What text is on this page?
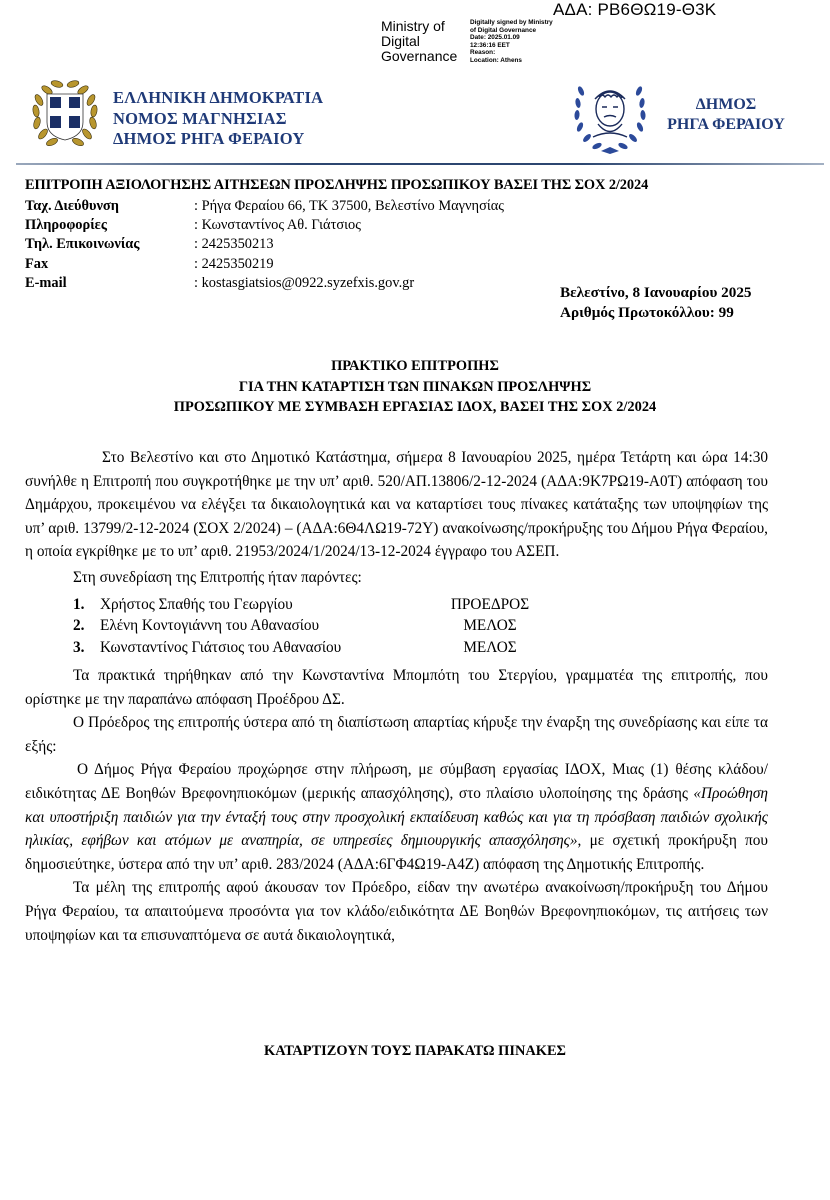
ΑΔΑ: ΡΒ6ΘΩ19-Θ3Κ
Ministry of
Digital
Governance
Digitally signed by Ministry
of Digital Governance
Date: 2025.01.09
12:36:16 EET
Reason:
Location: Athens
ΕΛΛΗΝΙΚΗ ΔΗΜΟΚΡΑΤΙΑ
ΝΟΜΟΣ ΜΑΓΝΗΣΙΑΣ
ΔΗΜΟΣ ΡΗΓΑ ΦΕΡΑΙΟΥ
ΔΗΜΟΣ
ΡΗΓΑ ΦΕΡΑΙΟΥ
ΕΠΙΤΡΟΠΗ ΑΞΙΟΛΟΓΗΣΗΣ ΑΙΤΗΣΕΩΝ ΠΡΟΣΛΗΨΗΣ ΠΡΟΣΩΠΙΚΟΥ ΒΑΣΕΙ ΤΗΣ ΣΟΧ 2/2024
Ταχ. Διεύθυνση	: Ρήγα Φεραίου 66, ΤΚ 37500, Βελεστίνο Μαγνησίας
Πληροφορίες	: Κωνσταντίνος Αθ. Γιάτσιος
Τηλ. Επικοινωνίας	: 2425350213
Fax	: 2425350219
E-mail	: kostasgiatsios@0922.syzefxis.gov.gr
Βελεστίνο, 8 Ιανουαρίου 2025
Αριθμός Πρωτοκόλλου: 99
ΠΡΑΚΤΙΚΟ ΕΠΙΤΡΟΠΗΣ
ΓΙΑ ΤΗΝ ΚΑΤΑΡΤΙΣΗ ΤΩΝ ΠΙΝΑΚΩΝ ΠΡΟΣΛΗΨΗΣ
ΠΡΟΣΩΠΙΚΟΥ ΜΕ ΣΥΜΒΑΣΗ ΕΡΓΑΣΙΑΣ ΙΔΟΧ, ΒΑΣΕΙ ΤΗΣ ΣΟΧ 2/2024

Στο Βελεστίνο και στο Δημοτικό Κατάστημα, σήμερα 8 Ιανουαρίου 2025, ημέρα Τετάρτη και ώρα 14:30 συνήλθε η Επιτροπή που συγκροτήθηκε με την υπ’ αριθ. 520/ΑΠ.13806/2-12-2024 (ΑΔΑ:9Κ7ΡΩ19-Α0Τ) απόφαση του Δημάρχου, προκειμένου να ελέγξει τα δικαιολογητικά και να καταρτίσει τους πίνακες κατάταξης των υποψηφίων της υπ’ αριθ. 13799/2-12-2024 (ΣΟΧ 2/2024) – (ΑΔΑ:6Θ4ΛΩ19-72Υ) ανακοίνωσης/προκήρυξης του Δήμου Ρήγα Φεραίου, η οποία εγκρίθηκε με το υπ’ αριθ. 21953/2024/1/2024/13-12-2024 έγγραφο του ΑΣΕΠ.

Στη συνεδρίαση της Επιτροπής ήταν παρόντες:

1.	Χρήστος Σπαθής του Γεωργίου	ΠΡΟΕΔΡΟΣ
2.	Ελένη Κοντογιάννη του Αθανασίου	ΜΕΛΟΣ
3.	Κωνσταντίνος Γιάτσιος του Αθανασίου	ΜΕΛΟΣ

Τα πρακτικά τηρήθηκαν από την Κωνσταντίνα Μπομπότη του Στεργίου, γραμματέα της επιτροπής, που ορίστηκε με την παραπάνω απόφαση Προέδρου ΔΣ.

Ο Πρόεδρος της επιτροπής ύστερα από τη διαπίστωση απαρτίας κήρυξε την έναρξη της συνεδρίασης και είπε τα εξής:

Ο Δήμος Ρήγα Φεραίου προχώρησε στην πλήρωση, με σύμβαση εργασίας ΙΔΟΧ, Μιας (1) θέσης κλάδου/ειδικότητας ΔΕ Βοηθών Βρεφονηπιοκόμων (μερικής απασχόλησης), στο πλαίσιο υλοποίησης της δράσης «Προώθηση και υποστήριξη παιδιών για την ένταξή τους στην προσχολική εκπαίδευση καθώς και για τη πρόσβαση παιδιών σχολικής ηλικίας, εφήβων και ατόμων με αναπηρία, σε υπηρεσίες δημιουργικής απασχόλησης», με σχετική προκήρυξη που δημοσιεύτηκε, ύστερα από την υπ’ αριθ. 283/2024 (ΑΔΑ:6ΓΦ4Ω19-Α4Ζ) απόφαση της Δημοτικής Επιτροπής.

Τα μέλη της επιτροπής αφού άκουσαν τον Πρόεδρο, είδαν την ανωτέρω ανακοίνωση/προκήρυξη του Δήμου Ρήγα Φεραίου, τα απαιτούμενα προσόντα για τον κλάδο/ειδικότητα ΔΕ Βοηθών Βρεφονηπιοκόμων, τις αιτήσεις των υποψηφίων και τα επισυναπτόμενα σε αυτά δικαιολογητικά,

ΚΑΤΑΡΤΙΖΟΥΝ ΤΟΥΣ ΠΑΡΑΚΑΤΩ ΠΙΝΑΚΕΣ
